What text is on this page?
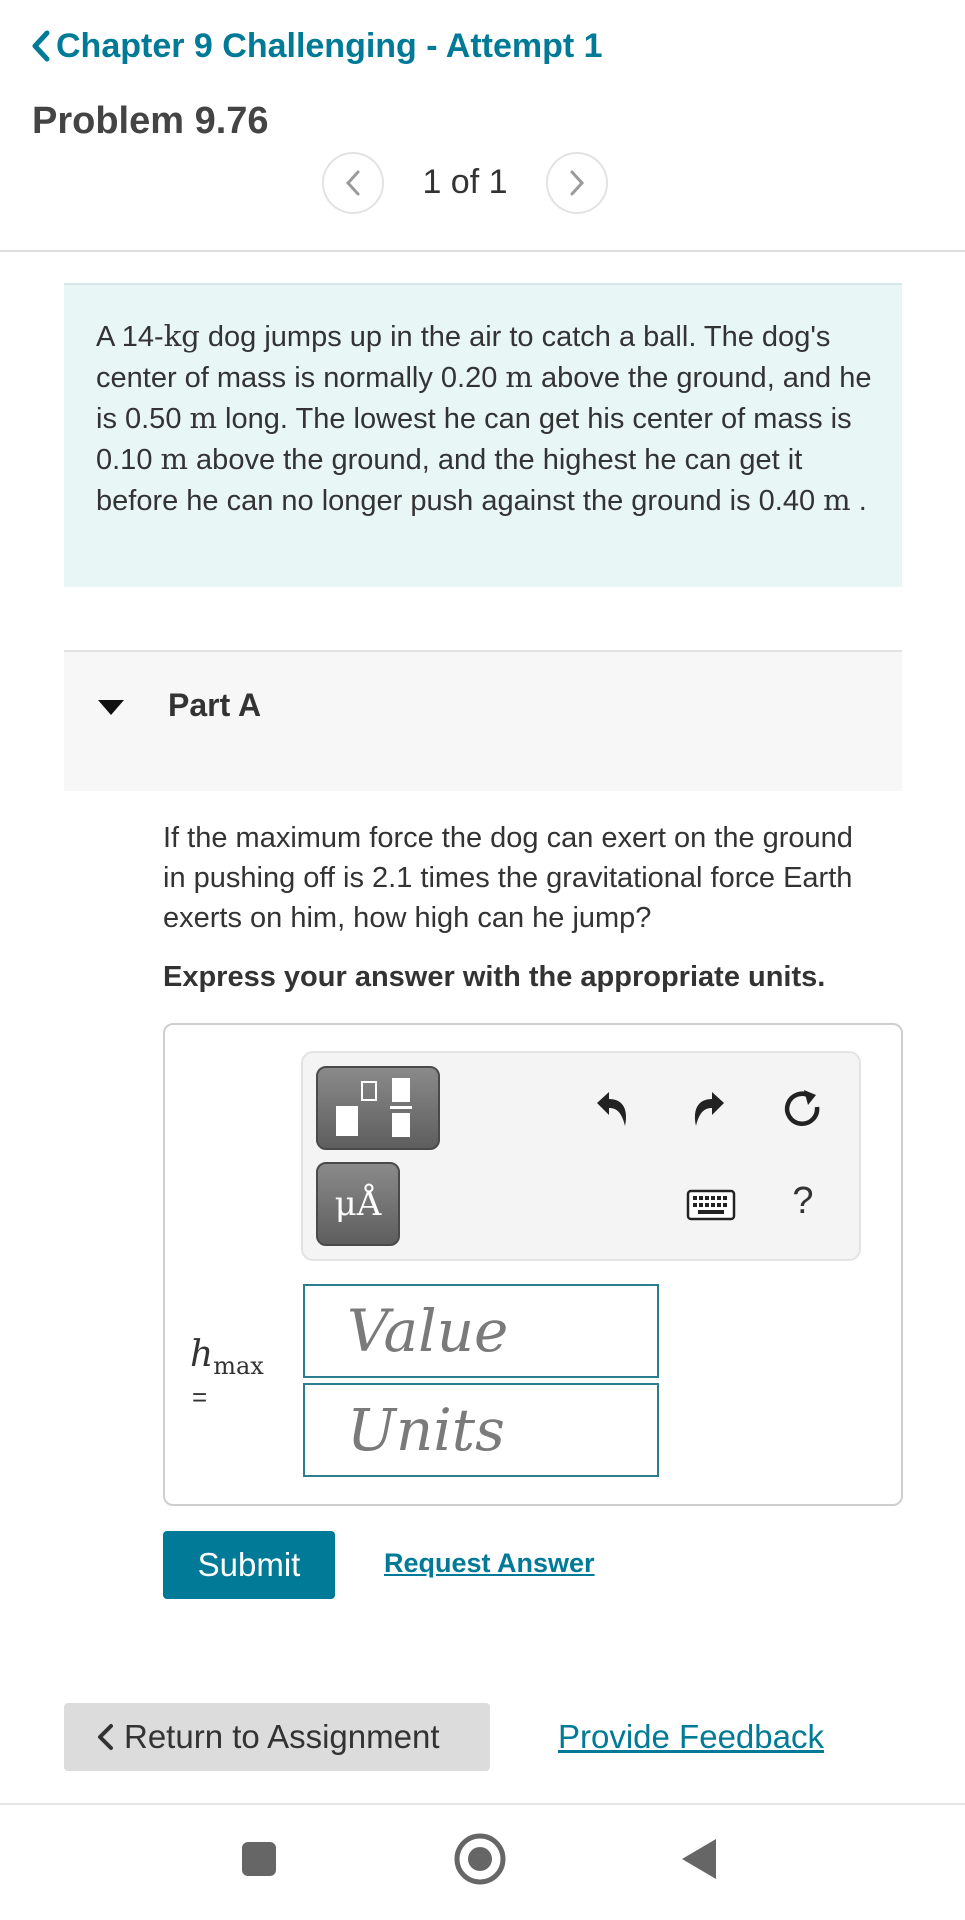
Chapter 9 Challenging - Attempt 1
Problem 9.76
1 of 1
A 14-kg dog jumps up in the air to catch a ball. The dog's center of mass is normally 0.20 m above the ground, and he is 0.50 m long. The lowest he can get his center of mass is 0.10 m above the ground, and the highest he can get it before he can no longer push against the ground is 0.40 m .
Part A
If the maximum force the dog can exert on the ground in pushing off is 2.1 times the gravitational force Earth exerts on him, how high can he jump?
Express your answer with the appropriate units.
μÅ	?
$h_{max}$
=
Value
Units
Submit	Request Answer
Return to Assignment	Provide Feedback
